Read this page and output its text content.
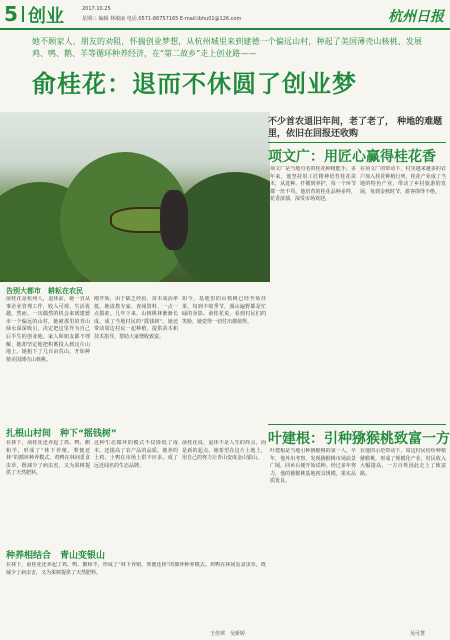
5 创业	2017.10.25
星期三 编辑 林敏丽 电话.0571-86757165 E-mail:lbhu01@126.com	杭州日报
她不顾家人、朋友的劝阻，怀揣创业梦想，从杭州城里来到建德一个偏远山村，种起了美国薄壳山核桃、发展鸡、鸭、鹅、羊等循环种养经济，在“第二故乡”走上创业路——
俞桂花：退而不休圆了创业梦
告别大都市　耕耘在农民
不少首农退旧年间，老了老了， 种地的难题里，依旧在回报还收购
项文广：用匠心赢得桂花香
俞桂花是杭州人，退休前，她一直从事企业管理工作，收入可观、生活优越。然而，一次偶然的机会来到建德市一个偏远的山村，她被那里的青山绿水深深吸引，决定把这里作为自己后半生的创业地。家人和朋友都不理解，她却坚定地把积蓄投入到这片山地上。她租下了几百亩荒山，开始种植美国薄壳山核桃。
刚开始，由于缺乏经验，苗木成活率低，她请教专家、查阅资料，一点一点摸索。几年下来，山核桃林渐渐长成，成了当地村民的“摇钱树”。她还带动周边村民一起种植，提供苗木和技术指导，帮助大家增收致富。
如今，基地里的山核桃已经开始挂果，每到丰收季节，漫山遍野都是忙碌的身影。俞桂花说，看到村民们的笑脸，她觉得一切付出都值得。
扎根山村间　种下“摇钱树”
在林下，俞桂花还养起了鸡、鸭、鹅和羊，形成了“林下养殖、粪便还林”的循环种养模式。鸡鸭在林间觅食虫草，既减少了病虫害，又为果树提供了天然肥料。
这种生态循环的模式不仅降低了成本，还提高了农产品的品质。她养的土鸡、土鸭在市场上供不应求，成了远近闻名的生态品牌。
俞桂花说，退休不是人生的终点，而是新的起点。她希望在这片土地上，用自己的努力让青山变成金山银山。
种养相结合　青山变银山
在林下，俞桂花还养起了鸡、鸭、鹅和羊，形成了“林下养殖、粪便还林”的循环种养模式。鸡鸭在林间觅食虫草，既减少了病虫害，又为果树提供了天然肥料。
王佳琪　吴妍婷
项文广是当地有名的桂花种植能手。多年来，他坚持用工匠精神培育桂花苗木，从选种、扦插到养护，每一个环节都一丝不苟。他培育的桂花品种多样，花香浓郁，深受市场欢迎。
在项文广的带动下，村里越来越多的农户加入桂花种植行列，桂花产业成了当地的特色产业，带动了乡村旅游的发展，每到金秋时节，游客络绎不绝。
叶建根：引种猕猴桃致富一方
叶建根是当地引种猕猴桃的第一人。早年，他外出考察，发现猕猴桃市场前景广阔，回乡后便开始试种。经过多年努力，他的猕猴桃基地初具规模，果实品质优良。
在他的示范带动下，周边村民纷纷种植猕猴桃，形成了规模化产业，村民收入大幅提高，一方百姓因此走上了致富路。
吴可慧
